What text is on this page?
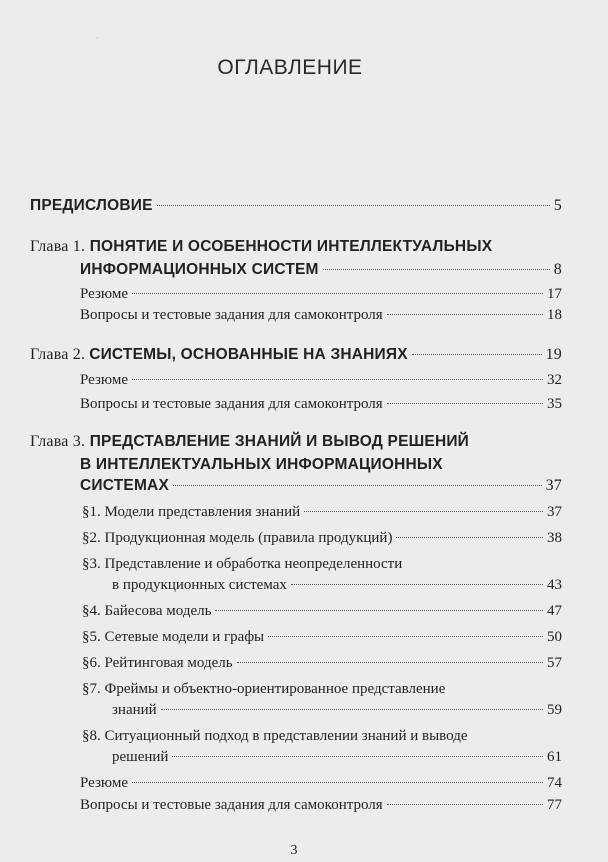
·
ОГЛАВЛЕНИЕ
ПРЕДИСЛОВИЕ	5
Глава 1. ПОНЯТИЕ И ОСОБЕННОСТИ ИНТЕЛЛЕКТУАЛЬНЫХ
ИНФОРМАЦИОННЫХ СИСТЕМ	8
Резюме	17
Вопросы и тестовые задания для самоконтроля	18
Глава 2. СИСТЕМЫ, ОСНОВАННЫЕ НА ЗНАНИЯХ	19
Резюме	32
Вопросы и тестовые задания для самоконтроля	35
Глава 3. ПРЕДСТАВЛЕНИЕ ЗНАНИЙ И ВЫВОД РЕШЕНИЙ
В ИНТЕЛЛЕКТУАЛЬНЫХ ИНФОРМАЦИОННЫХ
СИСТЕМАХ	37
§1. Модели представления знаний	37
§2. Продукционная модель (правила продукций)	38
§3. Представление и обработка неопределенности
в продукционных системах	43
§4. Байесова модель	47
§5. Сетевые модели и графы	50
§6. Рейтинговая модель	57
§7. Фреймы и объектно-ориентированное представление
знаний	59
§8. Ситуационный подход в представлении знаний и выводе
решений	61
Резюме	74
Вопросы и тестовые задания для самоконтроля	77
3
